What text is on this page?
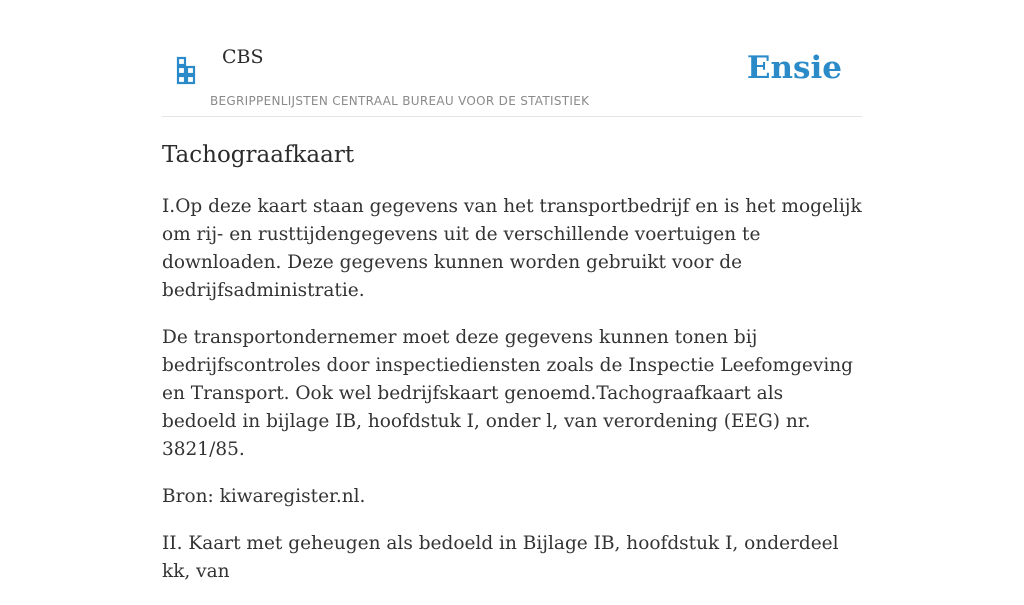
CBS
BEGRIPPENLIJSTEN CENTRAAL BUREAU VOOR DE STATISTIEK
Ensie
Tachograafkaart

I.Op deze kaart staan gegevens van het transportbedrijf en is het mogelijk om rij- en rusttijdengegevens uit de verschillende voertuigen te downloaden. Deze gegevens kunnen worden gebruikt voor de bedrijfsadministratie.

De transportondernemer moet deze gegevens kunnen tonen bij bedrijfscontroles door inspectiediensten zoals de Inspectie Leefomgeving en Transport. Ook wel bedrijfskaart genoemd.Tachograafkaart als bedoeld in bijlage IB, hoofdstuk I, onder l, van verordening (EEG) nr. 3821/85.

Bron: kiwaregister.nl.

II. Kaart met geheugen als bedoeld in Bijlage IB, hoofdstuk I, onderdeel kk, van
